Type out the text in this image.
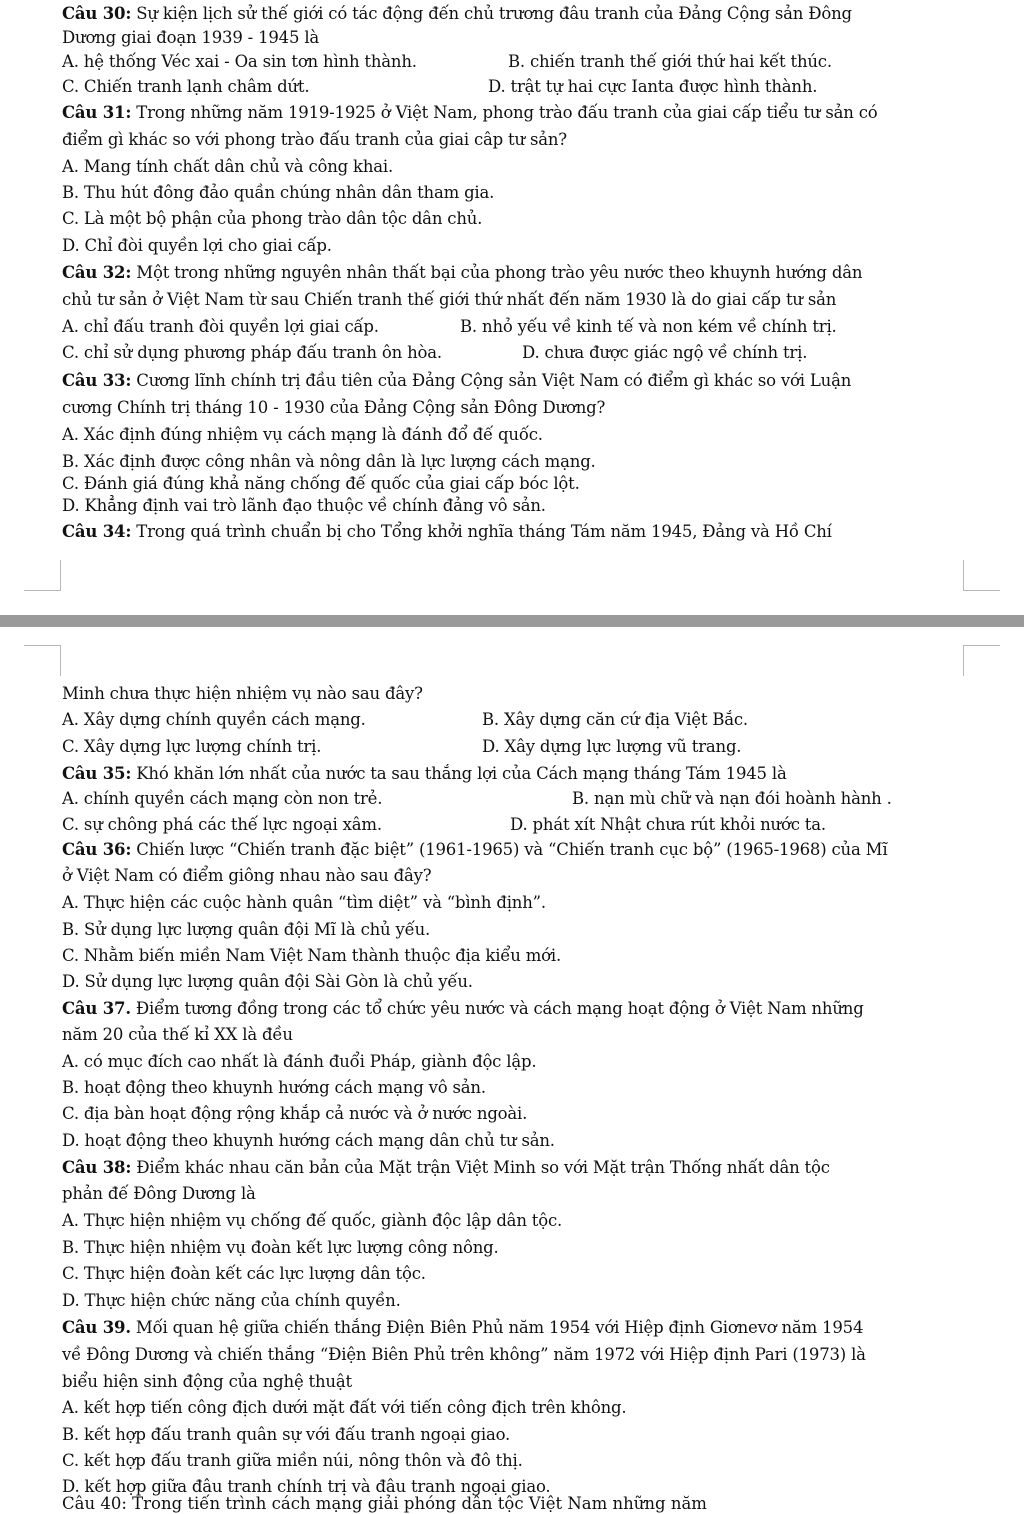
Câu 30: Sự kiện lịch sử thế giới có tác động đến chủ trương đâu tranh của Đảng Cộng sản Đông
Dương giai đoạn 1939 - 1945 là
A. hệ thống Véc xai - Oa sin tơn hình thành.	B. chiến tranh thế giới thứ hai kết thúc.
C. Chiến tranh lạnh châm dứt.	D. trật tự hai cực Ianta được hình thành.
Câu 31: Trong những năm 1919-1925 ở Việt Nam, phong trào đấu tranh của giai cấp tiểu tư sản có
điểm gì khác so với phong trào đấu tranh của giai câp tư sản?
A. Mang tính chất dân chủ và công khai.
B. Thu hút đông đảo quần chúng nhân dân tham gia.
C. Là một bộ phận của phong trào dân tộc dân chủ.
D. Chỉ đòi quyền lợi cho giai cấp.
Câu 32: Một trong những nguyên nhân thất bại của phong trào yêu nước theo khuynh hướng dân
chủ tư sản ở Việt Nam từ sau Chiến tranh thế giới thứ nhất đến năm 1930 là do giai cấp tư sản
A. chỉ đấu tranh đòi quyền lợi giai cấp.	B. nhỏ yếu về kinh tế và non kém về chính trị.
C. chỉ sử dụng phương pháp đấu tranh ôn hòa.	D. chưa được giác ngộ về chính trị.
Câu 33: Cương lĩnh chính trị đầu tiên của Đảng Cộng sản Việt Nam có điểm gì khác so với Luận
cương Chính trị tháng 10 - 1930 của Đảng Cộng sản Đông Dương?
A. Xác định đúng nhiệm vụ cách mạng là đánh đổ đế quốc.
B. Xác định được công nhân và nông dân là lực lượng cách mạng.
C. Đánh giá đúng khả năng chống đế quốc của giai cấp bóc lột.
D. Khẳng định vai trò lãnh đạo thuộc về chính đảng vô sản.
Câu 34: Trong quá trình chuẩn bị cho Tổng khởi nghĩa tháng Tám năm 1945, Đảng và Hồ Chí
Minh chưa thực hiện nhiệm vụ nào sau đây?
A. Xây dựng chính quyền cách mạng.	B. Xây dựng căn cứ địa Việt Bắc.
C. Xây dựng lực lượng chính trị.	D. Xây dựng lực lượng vũ trang.
Câu 35: Khó khăn lớn nhất của nước ta sau thắng lợi của Cách mạng tháng Tám 1945 là
A. chính quyền cách mạng còn non trẻ.	B. nạn mù chữ và nạn đói hoành hành .
C. sự chông phá các thế lực ngoại xâm.	D. phát xít Nhật chưa rút khỏi nước ta.
Câu 36: Chiến lược “Chiến tranh đặc biệt” (1961-1965) và “Chiến tranh cục bộ” (1965-1968) của Mĩ
ở Việt Nam có điểm giông nhau nào sau đây?
A. Thực hiện các cuộc hành quân “tìm diệt” và “bình định”.
B. Sử dụng lực lượng quân đội Mĩ là chủ yếu.
C. Nhằm biến miền Nam Việt Nam thành thuộc địa kiểu mới.
D. Sử dụng lực lượng quân đội Sài Gòn là chủ yếu.
Câu 37. Điểm tương đồng trong các tổ chức yêu nước và cách mạng hoạt động ở Việt Nam những
năm 20 của thế kỉ XX là đều
A. có mục đích cao nhất là đánh đuổi Pháp, giành độc lập.
B. hoạt động theo khuynh hướng cách mạng vô sản.
C. địa bàn hoạt động rộng khắp cả nước và ở nước ngoài.
D. hoạt động theo khuynh hướng cách mạng dân chủ tư sản.
Câu 38: Điểm khác nhau căn bản của Mặt trận Việt Minh so với Mặt trận Thống nhất dân tộc
phản đế Đông Dương là
A. Thực hiện nhiệm vụ chống đế quốc, giành độc lập dân tộc.
B. Thực hiện nhiệm vụ đoàn kết lực lượng công nông.
C. Thực hiện đoàn kết các lực lượng dân tộc.
D. Thực hiện chức năng của chính quyền.
Câu 39. Mối quan hệ giữa chiến thắng Điện Biên Phủ năm 1954 với Hiệp định Giơnevơ năm 1954
về Đông Dương và chiến thắng “Điện Biên Phủ trên không” năm 1972 với Hiệp định Pari (1973) là
biểu hiện sinh động của nghệ thuật
A. kết hợp tiến công địch dưới mặt đất với tiến công địch trên không.
B. kết hợp đấu tranh quân sự với đấu tranh ngoại giao.
C. kết hợp đấu tranh giữa miền núi, nông thôn và đô thị.
D. kết hợp giữa đâu tranh chính trị và đâu tranh ngoại giao.
Câu 40: Trong tiến trình cách mạng giải phóng dân tộc Việt Nam những năm
